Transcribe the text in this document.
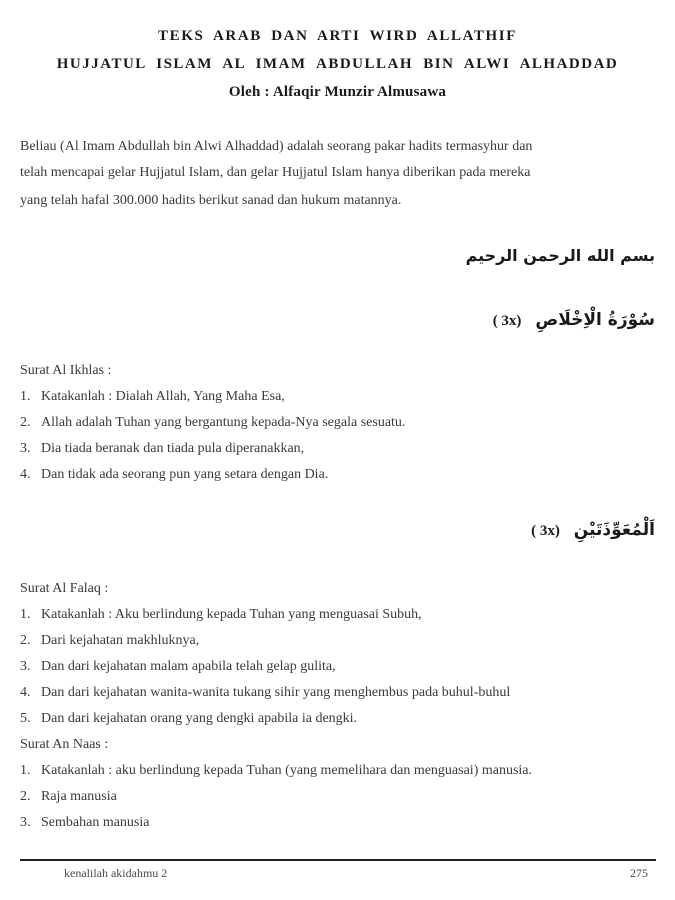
TEKS ARAB DAN ARTI WIRD ALLATHIF
HUJJATUL ISLAM AL IMAM ABDULLAH BIN ALWI ALHADDAD
Oleh : Alfaqir Munzir Almusawa
Beliau (Al Imam Abdullah bin Alwi Alhaddad) adalah seorang pakar hadits termasyhur dan
telah mencapai gelar Hujjatul Islam, dan gelar Hujjatul Islam hanya diberikan pada mereka
yang telah hafal 300.000 hadits berikut sanad dan hukum matannya.
بسم الله الرحمن الرحيم
سُوْرَةُ الْاِخْلَاصِ ( 3x)
Surat Al Ikhlas :
1. Katakanlah : Dialah Allah, Yang Maha Esa,
2. Allah adalah Tuhan yang bergantung kepada-Nya segala sesuatu.
3. Dia tiada beranak dan tiada pula diperanakkan,
4. Dan tidak ada seorang pun yang setara dengan Dia.
اَلْمُعَوِّذَتَيْنِ ( 3x)
Surat Al Falaq :
1. Katakanlah : Aku berlindung kepada Tuhan yang menguasai Subuh,
2. Dari kejahatan makhluknya,
3. Dan dari kejahatan malam apabila telah gelap gulita,
4. Dan dari kejahatan wanita-wanita tukang sihir yang menghembus pada buhul-buhul
5. Dan dari kejahatan orang yang dengki apabila ia dengki.
Surat An Naas :
1. Katakanlah : aku berlindung kepada Tuhan (yang memelihara dan menguasai) manusia.
2. Raja manusia
3. Sembahan manusia
kenalilah akidahmu 2	275
